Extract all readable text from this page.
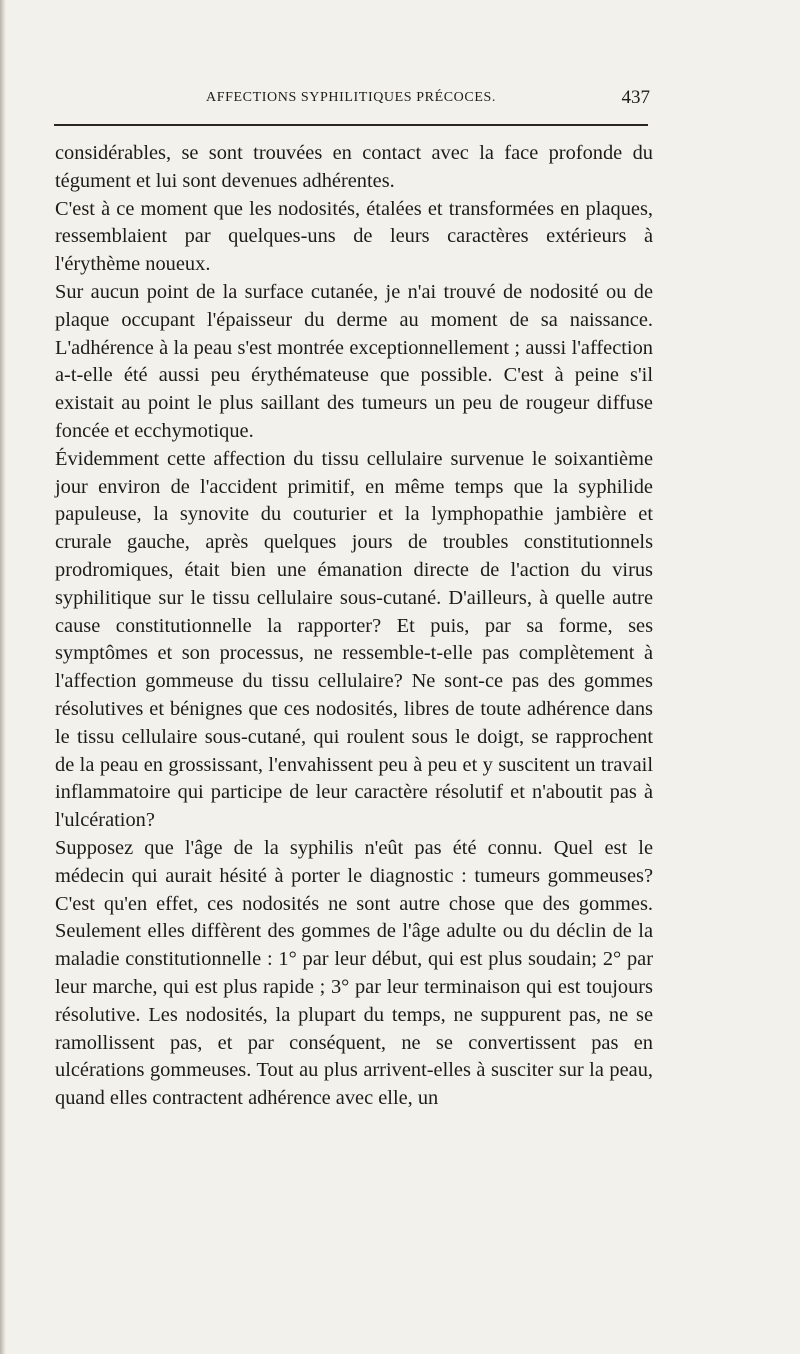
AFFECTIONS SYPHILITIQUES PRÉCOCES.	437

considérables, se sont trouvées en contact avec la face profonde du tégument et lui sont devenues adhérentes.

C'est à ce moment que les nodosités, étalées et transformées en plaques, ressemblaient par quelques-uns de leurs caractères extérieurs à l'érythème noueux.

Sur aucun point de la surface cutanée, je n'ai trouvé de nodosité ou de plaque occupant l'épaisseur du derme au moment de sa naissance. L'adhérence à la peau s'est montrée exceptionnellement ; aussi l'affection a-t-elle été aussi peu érythémateuse que possible. C'est à peine s'il existait au point le plus saillant des tumeurs un peu de rougeur diffuse foncée et ecchymotique.

Évidemment cette affection du tissu cellulaire survenue le soixantième jour environ de l'accident primitif, en même temps que la syphilide papuleuse, la synovite du couturier et la lymphopathie jambière et crurale gauche, après quelques jours de troubles constitutionnels prodromiques, était bien une émanation directe de l'action du virus syphilitique sur le tissu cellulaire sous-cutané. D'ailleurs, à quelle autre cause constitutionnelle la rapporter? Et puis, par sa forme, ses symptômes et son processus, ne ressemble-t-elle pas complètement à l'affection gommeuse du tissu cellulaire? Ne sont-ce pas des gommes résolutives et bénignes que ces nodosités, libres de toute adhérence dans le tissu cellulaire sous-cutané, qui roulent sous le doigt, se rapprochent de la peau en grossissant, l'envahissent peu à peu et y suscitent un travail inflammatoire qui participe de leur caractère résolutif et n'aboutit pas à l'ulcération?

Supposez que l'âge de la syphilis n'eût pas été connu. Quel est le médecin qui aurait hésité à porter le diagnostic : tumeurs gommeuses? C'est qu'en effet, ces nodosités ne sont autre chose que des gommes. Seulement elles diffèrent des gommes de l'âge adulte ou du déclin de la maladie constitutionnelle : 1° par leur début, qui est plus soudain; 2° par leur marche, qui est plus rapide ; 3° par leur terminaison qui est toujours résolutive. Les nodosités, la plupart du temps, ne suppurent pas, ne se ramollissent pas, et par conséquent, ne se convertissent pas en ulcérations gommeuses. Tout au plus arrivent-elles à susciter sur la peau, quand elles contractent adhérence avec elle, un
